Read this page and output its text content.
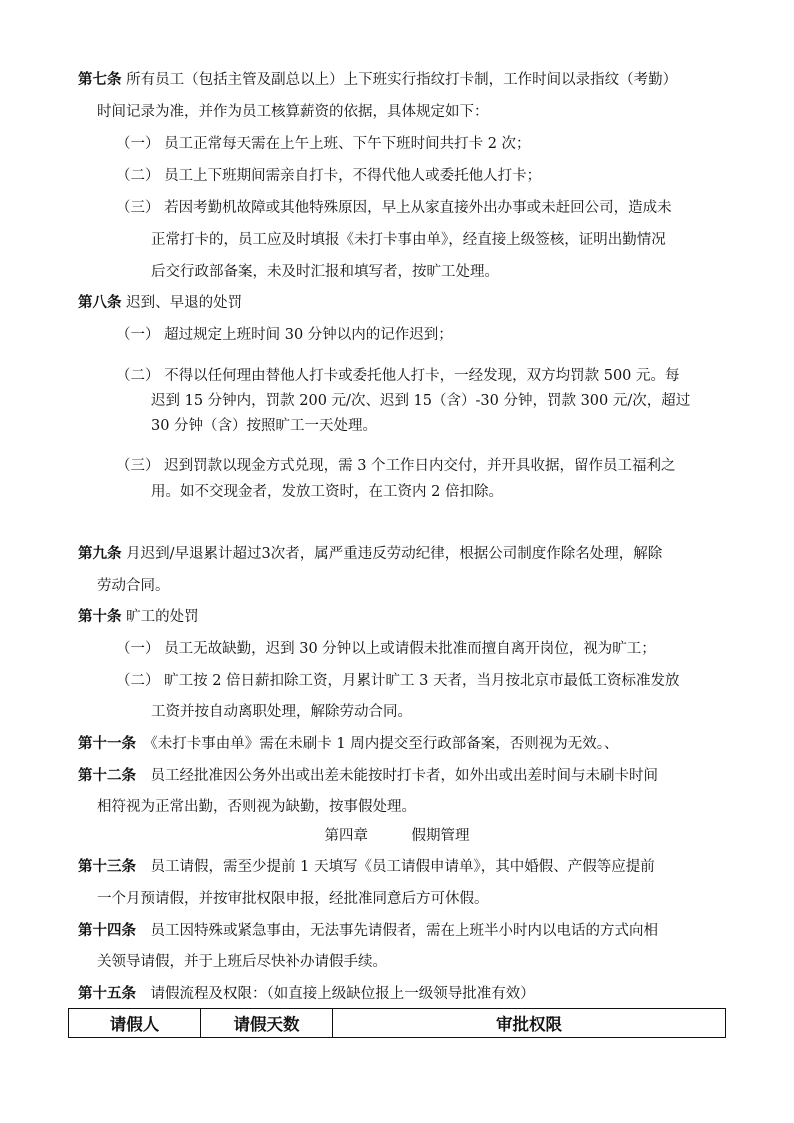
第七条 所有员工（包括主管及副总以上）上下班实行指纹打卡制，工作时间以录指纹（考勤）
时间记录为准，并作为员工核算薪资的依据，具体规定如下：
（一） 员工正常每天需在上午上班、下午下班时间共打卡 2 次；
（二） 员工上下班期间需亲自打卡，不得代他人或委托他人打卡；
（三） 若因考勤机故障或其他特殊原因，早上从家直接外出办事或未赶回公司，造成未
正常打卡的，员工应及时填报《未打卡事由单》，经直接上级签核，证明出勤情况
后交行政部备案，未及时汇报和填写者，按旷工处理。
第八条 迟到、早退的处罚
（一） 超过规定上班时间 30 分钟以内的记作迟到；
（二） 不得以任何理由替他人打卡或委托他人打卡，一经发现，双方均罚款 500 元。每
迟到 15 分钟内，罚款 200 元/次、迟到 15（含）-30 分钟，罚款 300 元/次，超过
30 分钟（含）按照旷工一天处理。
（三） 迟到罚款以现金方式兑现，需 3 个工作日内交付，并开具收据，留作员工福利之
用。如不交现金者，发放工资时，在工资内 2 倍扣除。
第九条 月迟到/早退累计超过3次者，属严重违反劳动纪律，根据公司制度作除名处理，解除
劳动合同。
第十条 旷工的处罚
（一） 员工无故缺勤，迟到 30 分钟以上或请假未批准而擅自离开岗位，视为旷工；
（二） 旷工按 2 倍日薪扣除工资，月累计旷工 3 天者，当月按北京市最低工资标准发放
工资并按自动离职处理，解除劳动合同。
第十一条　 《未打卡事由单》需在未刷卡 1 周内提交至行政部备案，否则视为无效。、
第十二条　 员工经批准因公务外出或出差未能按时打卡者，如外出或出差时间与未刷卡时间
相符视为正常出勤，否则视为缺勤，按事假处理。
第四章　　　	假期管理
第十三条　 员工请假，需至少提前 1 天填写《员工请假申请单》，其中婚假、产假等应提前
一个月预请假，并按审批权限申报，经批准同意后方可休假。
第十四条　 员工因特殊或紧急事由，无法事先请假者，需在上班半小时内以电话的方式向相
关领导请假，并于上班后尽快补办请假手续。
第十五条　 请假流程及权限：（如直接上级缺位报上一级领导批准有效）
请假人	请假天数	审批权限
